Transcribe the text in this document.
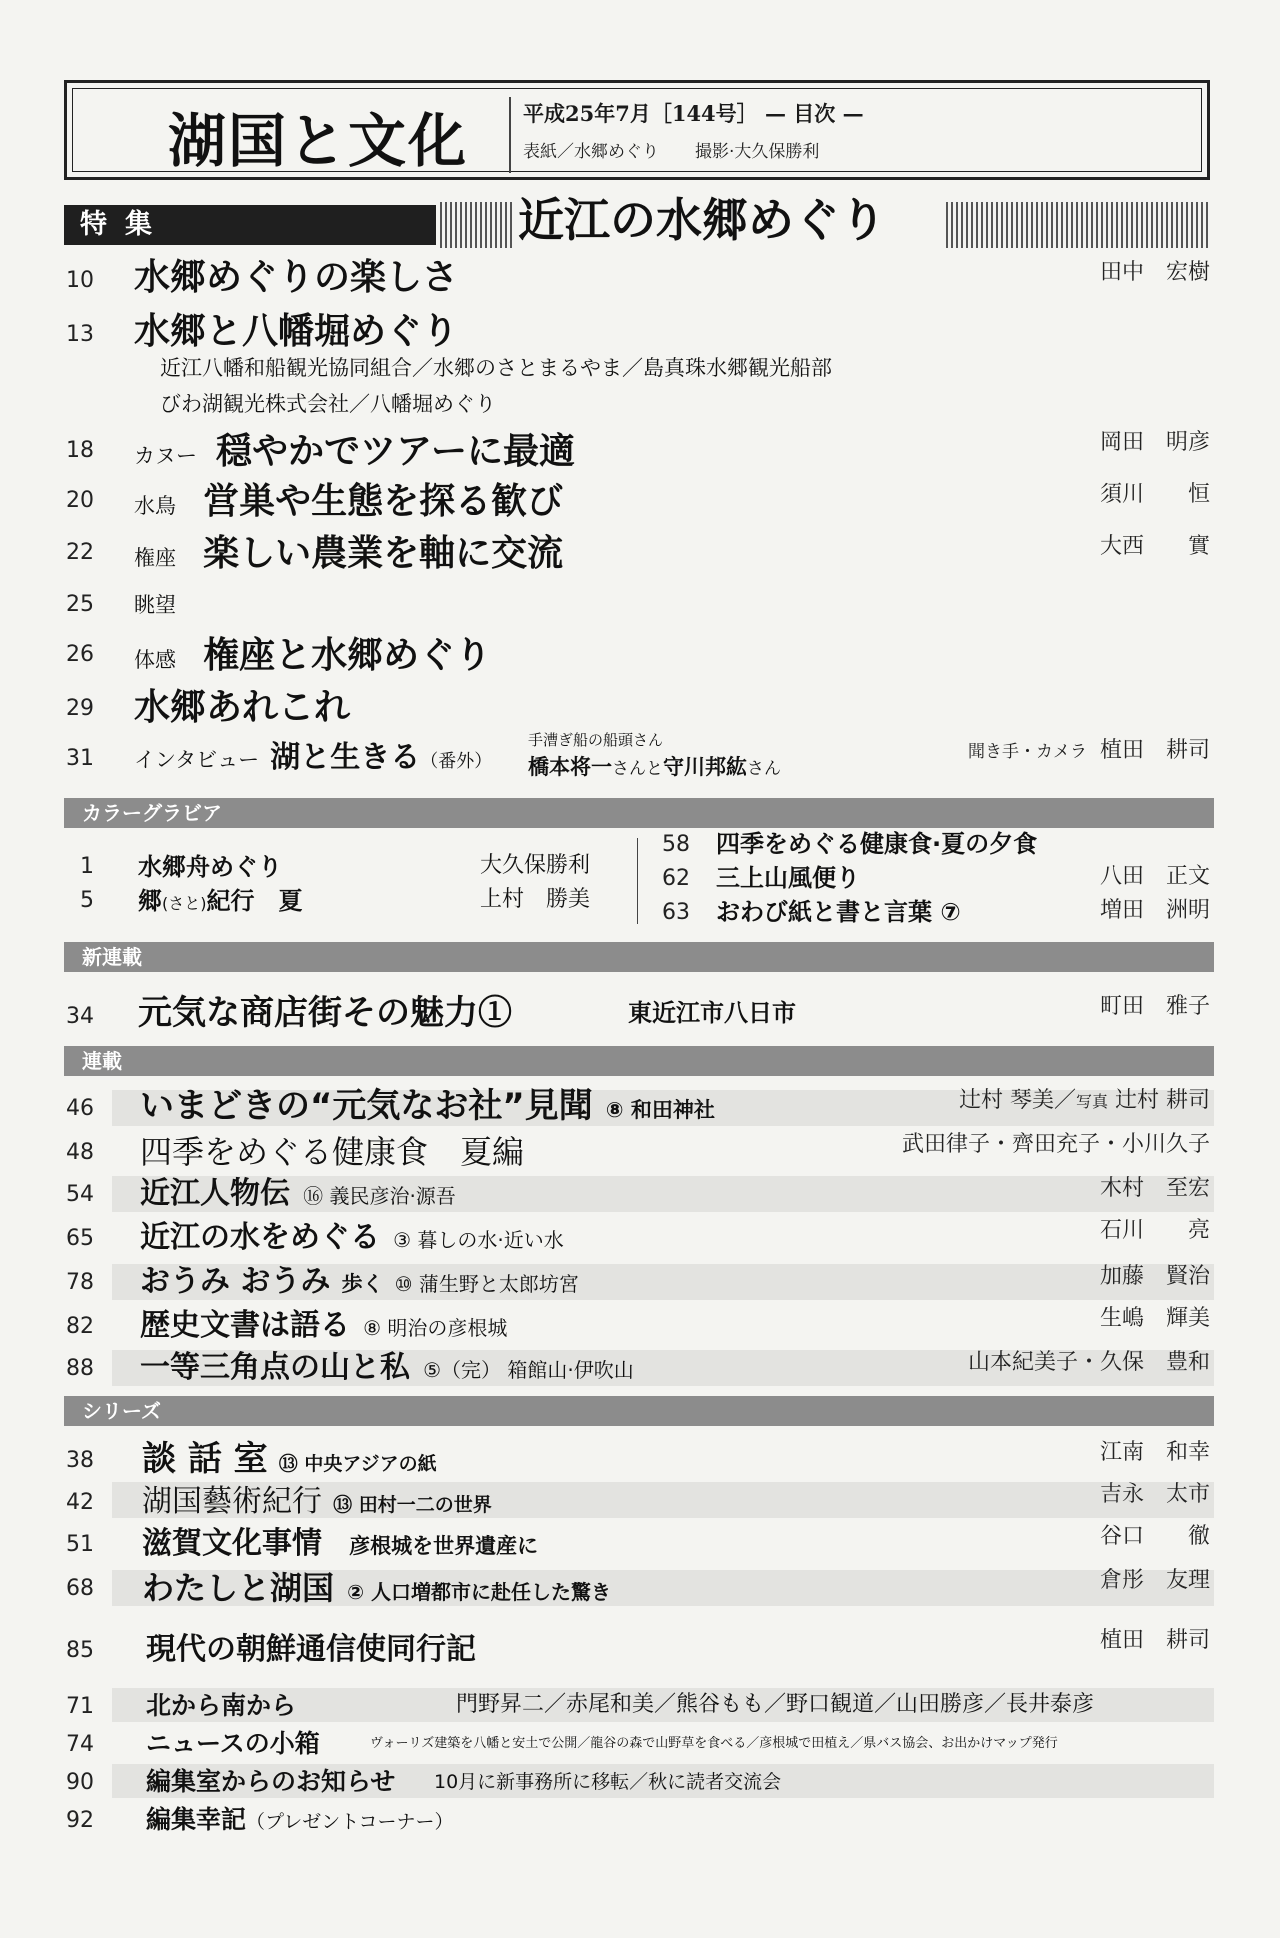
湖国と文化	平成25年7月［144号］ — 目次 —
表紙／水郷めぐり 撮影·大久保勝利
特集	近江の水郷めぐり
10	水郷めぐりの楽しさ	田中　宏樹
13	水郷と八幡堀めぐり
近江八幡和船観光協同組合／水郷のさとまるやま／島真珠水郷観光船部
びわ湖観光株式会社／八幡堀めぐり
18	カヌー 穏やかでツアーに最適	岡田　明彦
20	水鳥 営巣や生態を探る歓び	須川　　恒
22	権座 楽しい農業を軸に交流	大西　　實
25	眺望
26	体感 権座と水郷めぐり
29	水郷あれこれ
31	インタビュー 湖と生きる（番外）
手漕ぎ船の船頭さん
橋本将一さんと守川邦紘さん
聞き手・カメラ 植田　耕司
カラーグラビア
1	水郷舟めぐり	大久保勝利
5	郷(さと)紀行　夏	上村　勝美
58	四季をめぐる健康食·夏の夕食
62	三上山風便り	八田　正文
63	おわび紙と書と言葉 ⑦	増田　洲明
新連載
34	元気な商店街その魅力①	東近江市八日市	町田　雅子
連載
46	いまどきの“元気なお社”見聞 ⑧ 和田神社	辻村 琴美／写真 辻村 耕司
48	四季をめぐる健康食　夏編	武田律子・齊田充子・小川久子
54	近江人物伝 ⑯ 義民彦治·源吾	木村　至宏
65	近江の水をめぐる ③ 暮しの水·近い水	石川　　亮
78	おうみ おうみ 歩く ⑩ 蒲生野と太郎坊宮	加藤　賢治
82	歴史文書は語る ⑧ 明治の彦根城	生嶋　輝美
88	一等三角点の山と私 ⑤（完） 箱館山·伊吹山	山本紀美子・久保　豊和
シリーズ
38	談 話 室 ⑬ 中央アジアの紙	江南　和幸
42	湖国藝術紀行 ⑬ 田村一二の世界	吉永　太市
51	滋賀文化事情 彦根城を世界遺産に	谷口　　徹
68	わたしと湖国 ② 人口増都市に赴任した驚き	倉彤　友理
85	現代の朝鮮通信使同行記	植田　耕司
71	北から南から	門野昇二／赤尾和美／熊谷もも／野口観道／山田勝彦／長井泰彦
74	ニュースの小箱	ヴォーリズ建築を八幡と安土で公開／龍谷の森で山野草を食べる／彦根城で田植え／県バス協会、お出かけマップ発行
90	編集室からのお知らせ 10月に新事務所に移転／秋に読者交流会
92	編集幸記（プレゼントコーナー）
